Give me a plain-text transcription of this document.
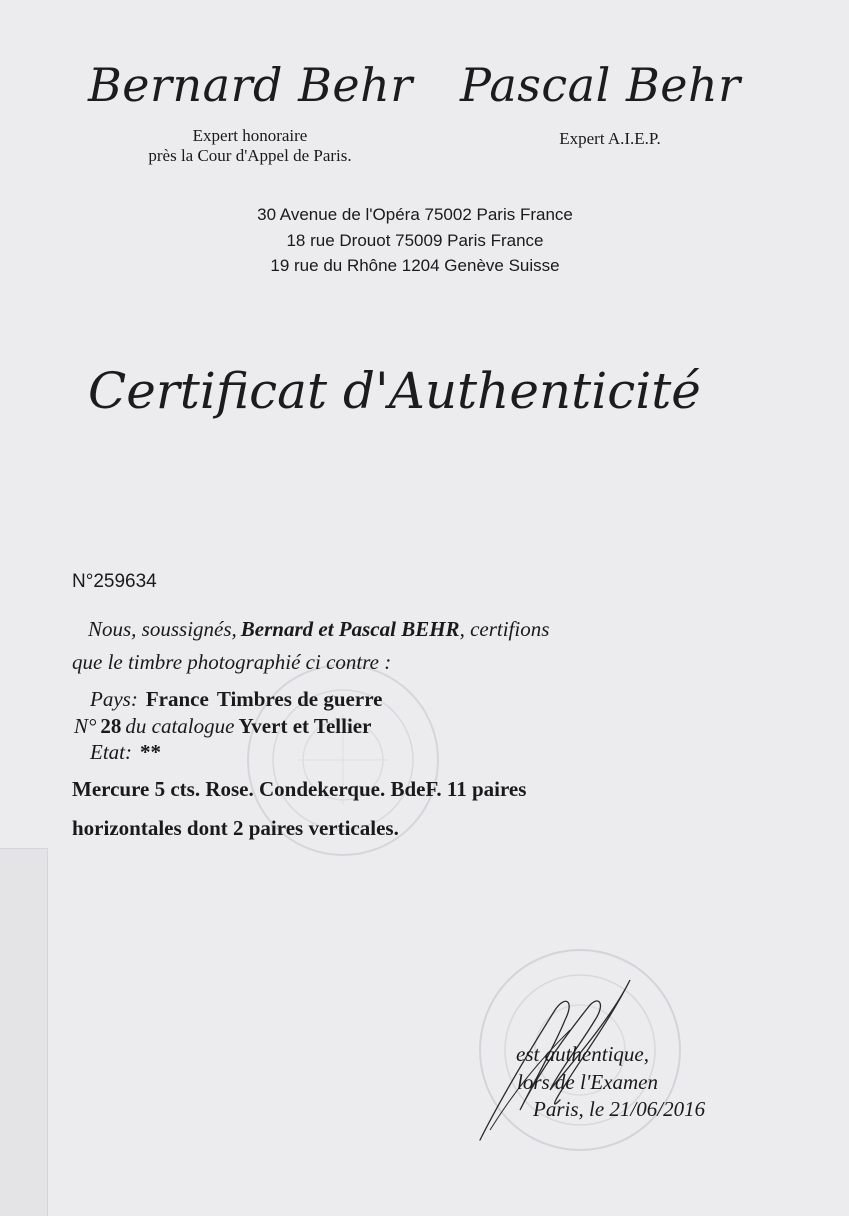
Bernard Behr Pascal Behr
Expert honoraire
près la Cour d'Appel de Paris.
Expert A.I.E.P.
30 Avenue de l'Opéra 75002 Paris France
18 rue Drouot 75009 Paris France
19 rue du Rhône 1204 Genève Suisse
Certificat d'Authenticité
N°259634
Nous, soussignés, Bernard et Pascal BEHR, certifions
que le timbre photographié ci contre :
Pays: France Timbres de guerre
N° 28 du catalogue Yvert et Tellier
Etat: **
Mercure 5 cts. Rose. Condekerque. BdeF. 11 paires
horizontales dont 2 paires verticales.
est authentique,
lors de l'Examen
Paris, le 21/06/2016
